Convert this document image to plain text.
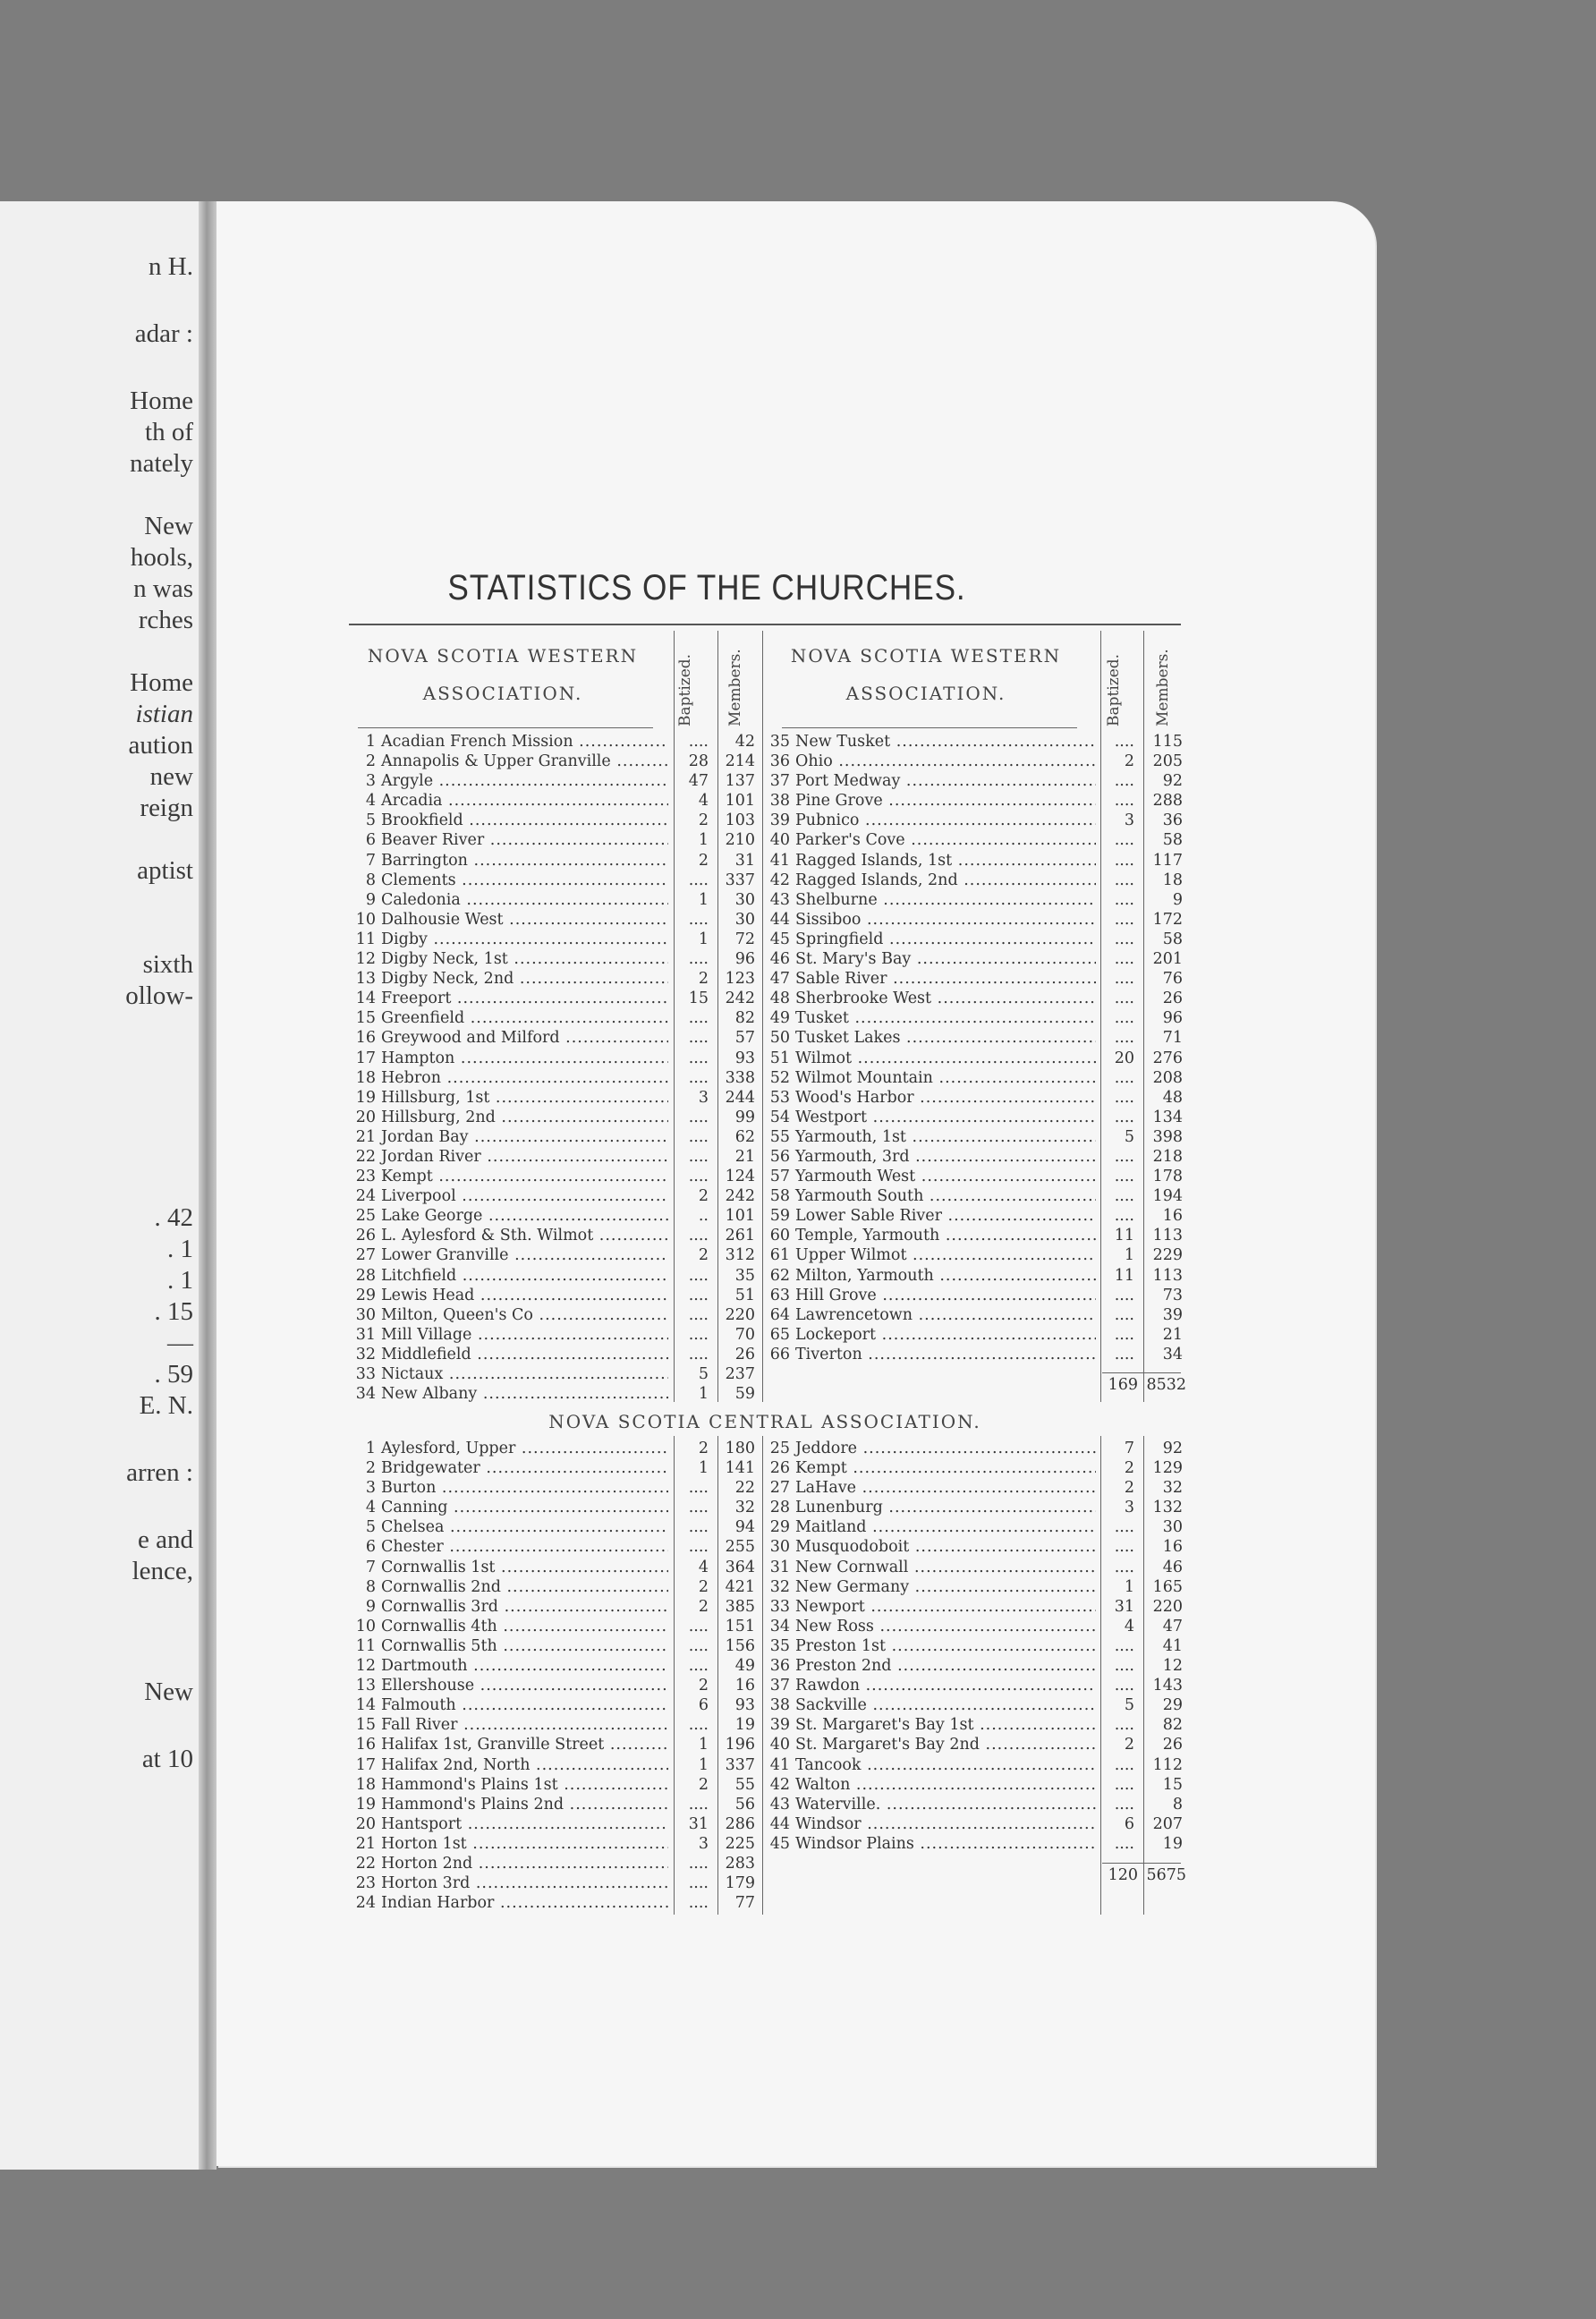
n H.
adar :
Home
th of
nately
New
hools,
n was
rches
Home
istian
aution
new
reign
aptist
sixth
ollow-
. 42
. 1
. 1
. 15
—
. 59
E. N.
arren :
e and
lence,
New
at 10
STATISTICS OF THE CHURCHES.
NOVA SCOTIA WESTERN
ASSOCIATION.
NOVA SCOTIA WESTERN
ASSOCIATION.
Baptized. Members.	Baptized. Members.
1 Acadian French Mission .....	....	42
2 Annapolis & Upper Granville .....	28	214
3 Argyle .....	47	137
4 Arcadia .....	4	101
5 Brookfield .....	2	103
6 Beaver River .....	1	210
7 Barrington .....	2	31
8 Clements .....	....	337
9 Caledonia .....	1	30
10 Dalhousie West .....	....	30
11 Digby .....	1	72
12 Digby Neck, 1st .....	....	96
13 Digby Neck, 2nd .....	2	123
14 Freeport .....	15	242
15 Greenfield .....	....	82
16 Greywood and Milford .....	....	57
17 Hampton .....	....	93
18 Hebron .....	....	338
19 Hillsburg, 1st .....	3	244
20 Hillsburg, 2nd .....	....	99
21 Jordan Bay .....	....	62
22 Jordan River .....	....	21
23 Kempt .....	....	124
24 Liverpool .....	2	242
25 Lake George .....	..	101
26 L. Aylesford & Sth. Wilmot .....	....	261
27 Lower Granville .....	2	312
28 Litchfield .....	....	35
29 Lewis Head .....	....	51
30 Milton, Queen's Co .....	....	220
31 Mill Village .....	....	70
32 Middlefield .....	....	26
33 Nictaux .....	5	237
34 New Albany .....	1	59
35 New Tusket .....	....	115
36 Ohio .....	2	205
37 Port Medway .....	....	92
38 Pine Grove .....	....	288
39 Pubnico .....	3	36
40 Parker's Cove .....	....	58
41 Ragged Islands, 1st .....	....	117
42 Ragged Islands, 2nd .....	....	18
43 Shelburne .....	....	9
44 Sissiboo .....	....	172
45 Springfield .....	....	58
46 St. Mary's Bay .....	....	201
47 Sable River .....	....	76
48 Sherbrooke West .....	....	26
49 Tusket .....	....	96
50 Tusket Lakes .....	....	71
51 Wilmot .....	20	276
52 Wilmot Mountain .....	....	208
53 Wood's Harbor .....	....	48
54 Westport .....	....	134
55 Yarmouth, 1st .....	5	398
56 Yarmouth, 3rd .....	....	218
57 Yarmouth West .....	....	178
58 Yarmouth South .....	....	194
59 Lower Sable River .....	....	16
60 Temple, Yarmouth .....	11	113
61 Upper Wilmot .....	1	229
62 Milton, Yarmouth .....	11	113
63 Hill Grove .....	....	73
64 Lawrencetown .....	....	39
65 Lockeport .....	....	21
66 Tiverton .....	....	34
169 8532
NOVA SCOTIA CENTRAL ASSOCIATION.
1 Aylesford, Upper .....	2	180
2 Bridgewater .....	1	141
3 Burton .....	....	22
4 Canning .....	....	32
5 Chelsea .....	....	94
6 Chester .....	....	255
7 Cornwallis 1st .....	4	364
8 Cornwallis 2nd .....	2	421
9 Cornwallis 3rd .....	2	385
10 Cornwallis 4th .....	....	151
11 Cornwallis 5th .....	....	156
12 Dartmouth .....	....	49
13 Ellershouse .....	2	16
14 Falmouth .....	6	93
15 Fall River .....	....	19
16 Halifax 1st, Granville Street .....	1	196
17 Halifax 2nd, North .....	1	337
18 Hammond's Plains 1st .....	2	55
19 Hammond's Plains 2nd .....	....	56
20 Hantsport .....	31	286
21 Horton 1st .....	3	225
22 Horton 2nd .....	....	283
23 Horton 3rd .....	....	179
24 Indian Harbor .....	....	77
25 Jeddore .....	7	92
26 Kempt .....	2	129
27 LaHave .....	2	32
28 Lunenburg .....	3	132
29 Maitland .....	....	30
30 Musquodoboit .....	....	16
31 New Cornwall .....	....	46
32 New Germany .....	1	165
33 Newport .....	31	220
34 New Ross .....	4	47
35 Preston 1st .....	....	41
36 Preston 2nd .....	....	12
37 Rawdon .....	....	143
38 Sackville .....	5	29
39 St. Margaret's Bay 1st .....	....	82
40 St. Margaret's Bay 2nd .....	2	26
41 Tancook .....	....	112
42 Walton .....	....	15
43 Waterville. .....	....	8
44 Windsor .....	6	207
45 Windsor Plains .....	....	19
120 5675
